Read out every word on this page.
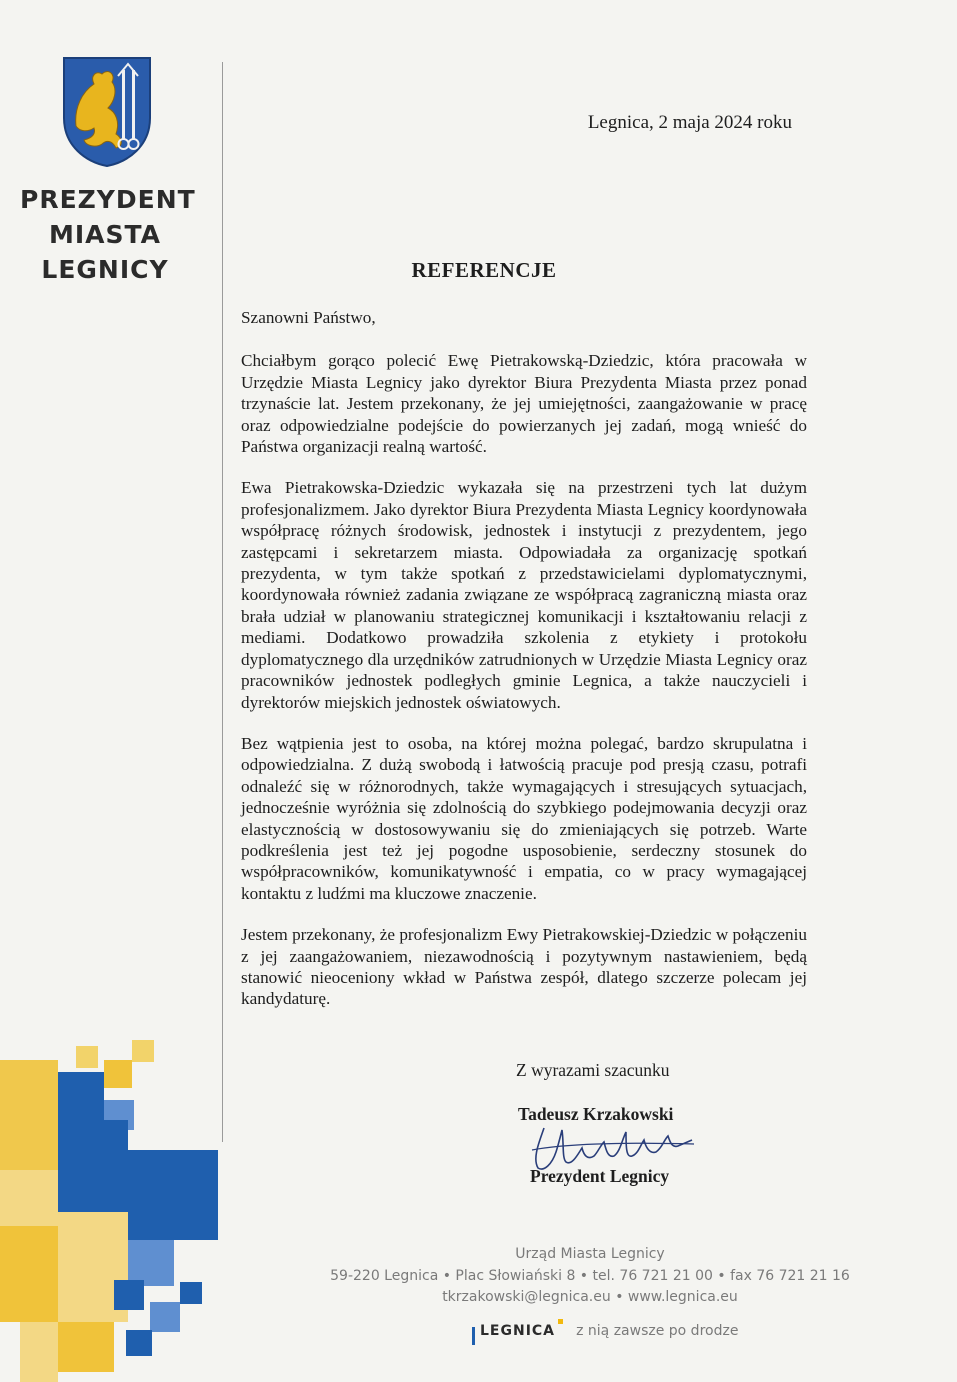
PREZYDENT
MIASTA
LEGNICY
Legnica, 2 maja 2024 roku
REFERENCJE

Szanowni Państwo,

Chciałbym gorąco polecić Ewę Pietrakowską-Dziedzic, która pracowała w Urzędzie Miasta Legnicy jako dyrektor Biura Prezydenta Miasta przez ponad trzynaście lat. Jestem przekonany, że jej umiejętności, zaangażowanie w pracę oraz odpowiedzialne podejście do powierzanych jej zadań, mogą wnieść do Państwa organizacji realną wartość.

Ewa Pietrakowska-Dziedzic wykazała się na przestrzeni tych lat dużym profesjonalizmem. Jako dyrektor Biura Prezydenta Miasta Legnicy koordynowała współpracę różnych środowisk, jednostek i instytucji z prezydentem, jego zastępcami i sekretarzem miasta. Odpowiadała za organizację spotkań prezydenta, w tym także spotkań z przedstawicielami dyplomatycznymi, koordynowała również zadania związane ze współpracą zagraniczną miasta oraz brała udział w planowaniu strategicznej komunikacji i kształtowaniu relacji z mediami. Dodatkowo prowadziła szkolenia z etykiety i protokołu dyplomatycznego dla urzędników zatrudnionych w Urzędzie Miasta Legnicy oraz pracowników jednostek podległych gminie Legnica, a także nauczycieli i dyrektorów miejskich jednostek oświatowych.

Bez wątpienia jest to osoba, na której można polegać, bardzo skrupulatna i odpowiedzialna. Z dużą swobodą i łatwością pracuje pod presją czasu, potrafi odnaleźć się w różnorodnych, także wymagających i stresujących sytuacjach, jednocześnie wyróżnia się zdolnością do szybkiego podejmowania decyzji oraz elastycznością w dostosowywaniu się do zmieniających się potrzeb. Warte podkreślenia jest też jej pogodne usposobienie, serdeczny stosunek do współpracowników, komunikatywność i empatia, co w pracy wymagającej kontaktu z ludźmi ma kluczowe znaczenie.

Jestem przekonany, że profesjonalizm Ewy Pietrakowskiej-Dziedzic w połączeniu z jej zaangażowaniem, niezawodnością i pozytywnym nastawieniem, będą stanowić nieoceniony wkład w Państwa zespół, dlatego szczerze polecam jej kandydaturę.

Z wyrazami szacunku
Tadeusz Krzakowski
Prezydent Legnicy
Urząd Miasta Legnicy
59-220 Legnica • Plac Słowiański 8 • tel. 76 721 21 00 • fax 76 721 21 16
tkrzakowski@legnica.eu • www.legnica.eu
LEGNICA z nią zawsze po drodze
